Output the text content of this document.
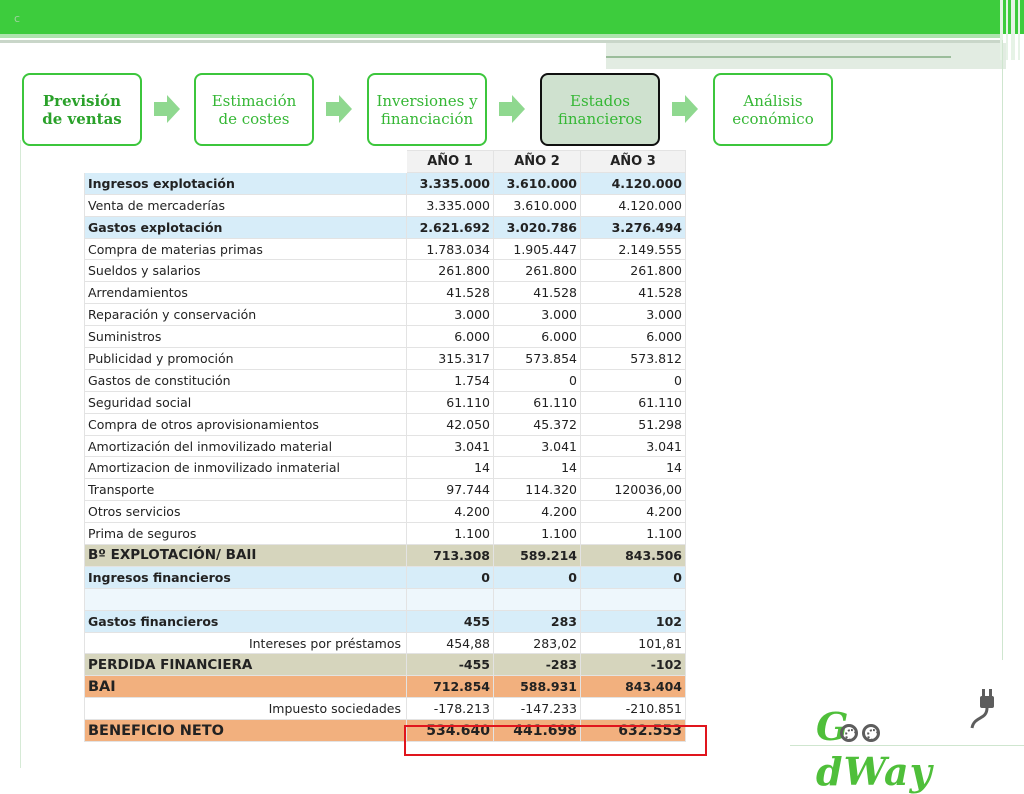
c
Previsión
de ventas
Estimación
de costes
Inversiones y
financiación
Estados
financieros
Análisis
económico
	AÑO 1	AÑO 2	AÑO 3
Ingresos explotación	3.335.000	3.610.000	4.120.000
Venta de mercaderías	3.335.000	3.610.000	4.120.000
Gastos explotación	2.621.692	3.020.786	3.276.494
Compra de materias primas	1.783.034	1.905.447	2.149.555
Sueldos y salarios	261.800	261.800	261.800
Arrendamientos	41.528	41.528	41.528
Reparación y conservación	3.000	3.000	3.000
Suministros	6.000	6.000	6.000
Publicidad y promoción	315.317	573.854	573.812
Gastos de constitución	1.754	0	0
Seguridad social	61.110	61.110	61.110
Compra de otros aprovisionamientos	42.050	45.372	51.298
Amortización del inmovilizado material	3.041	3.041	3.041
Amortizacion de inmovilizado inmaterial	14	14	14
Transporte	97.744	114.320	120036,00
Otros servicios	4.200	4.200	4.200
Prima de seguros	1.100	1.100	1.100
Bº EXPLOTACIÓN/ BAII	713.308	589.214	843.506
Ingresos financieros	0	0	0

Gastos financieros	455	283	102
Intereses por préstamos	454,88	283,02	101,81
PERDIDA FINANCIERA	-455	-283	-102
BAI	712.854	588.931	843.404
Impuesto sociedades	-178.213	-147.233	-210.851
BENEFICIO NETO	534.640	441.698	632.553	GdWay
